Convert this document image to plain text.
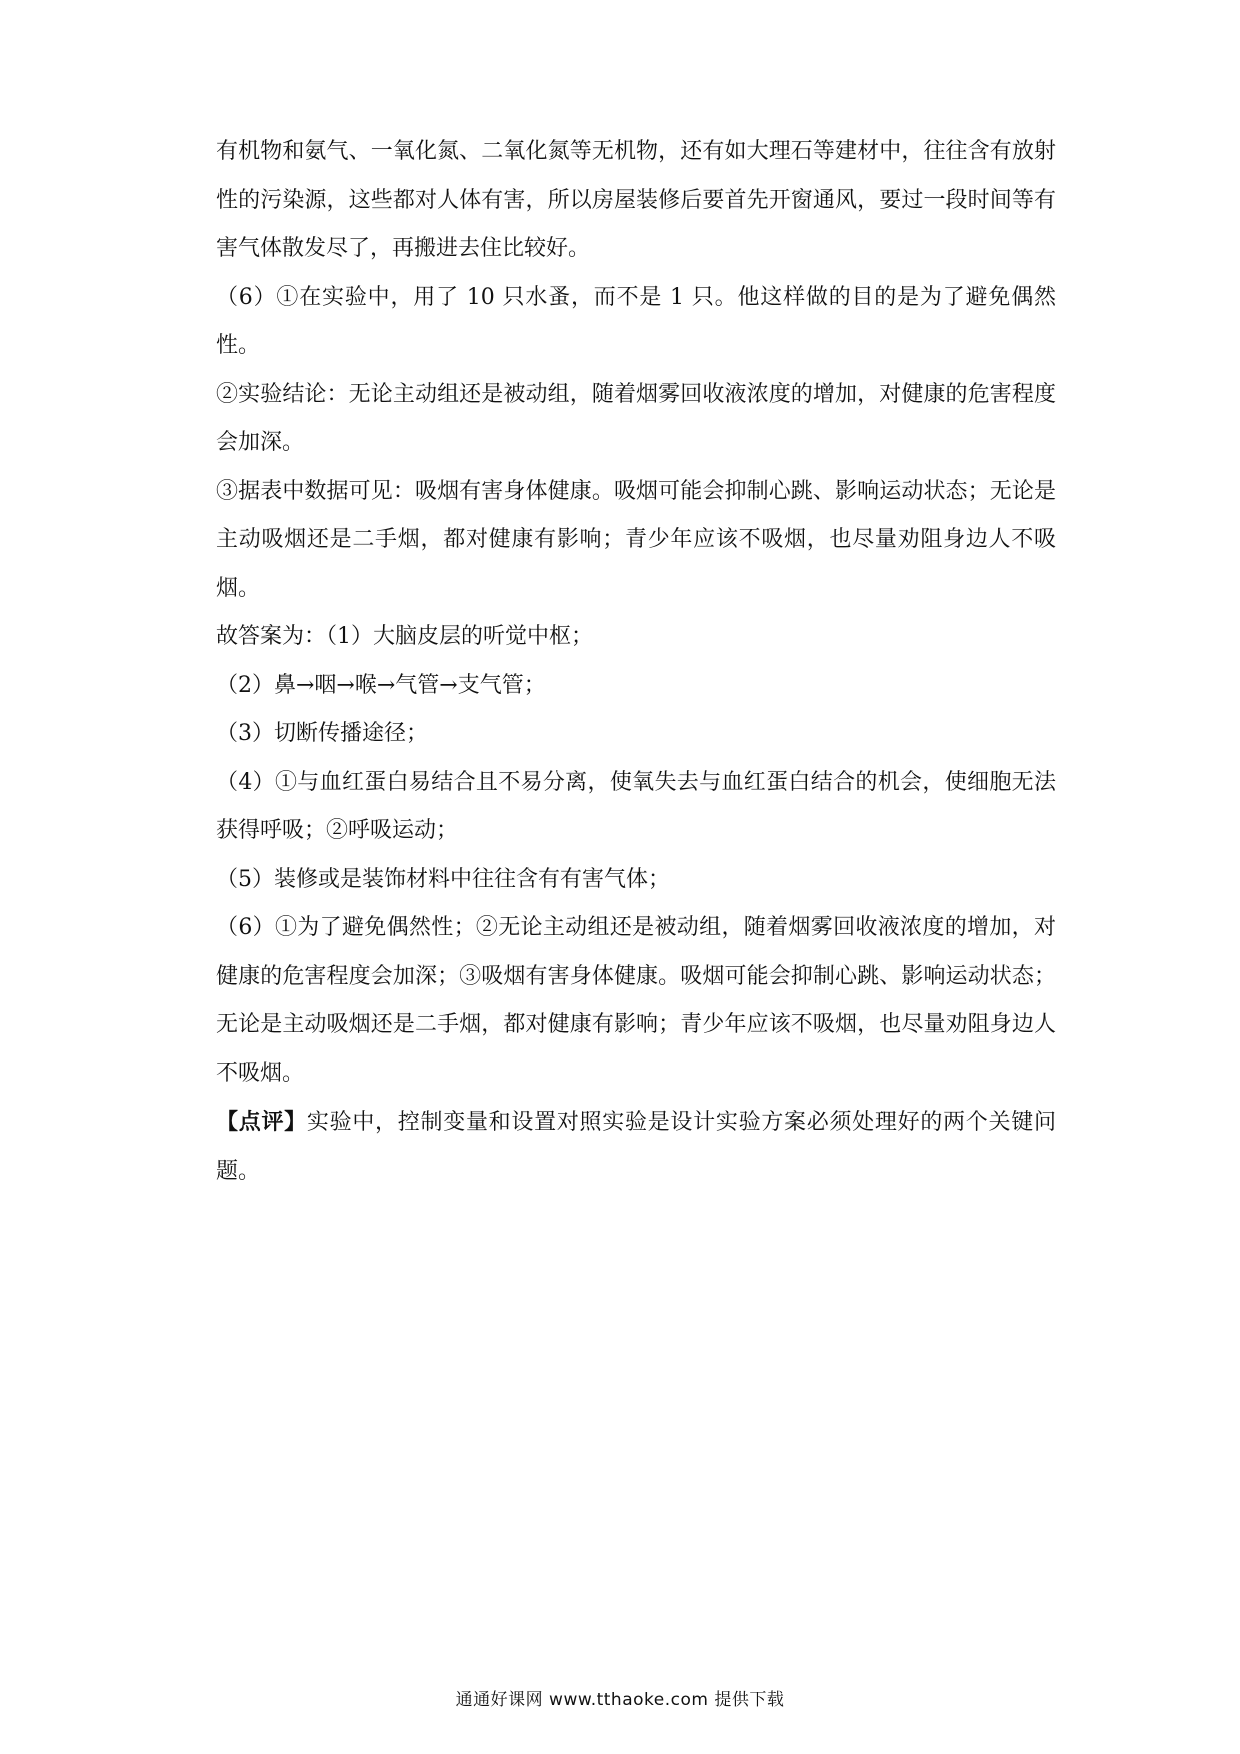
有机物和氨气、一氧化氮、二氧化氮等无机物，还有如大理石等建材中，往往含有放射性的污染源，这些都对人体有害，所以房屋装修后要首先开窗通风，要过一段时间等有害气体散发尽了，再搬进去住比较好。

（6）①在实验中，用了 10 只水蚤，而不是 1 只。他这样做的目的是为了避免偶然性。

②实验结论：无论主动组还是被动组，随着烟雾回收液浓度的增加，对健康的危害程度会加深。

③据表中数据可见：吸烟有害身体健康。吸烟可能会抑制心跳、影响运动状态；无论是主动吸烟还是二手烟，都对健康有影响；青少年应该不吸烟，也尽量劝阻身边人不吸烟。

故答案为：（1）大脑皮层的听觉中枢；

（2）鼻→咽→喉→气管→支气管；

（3）切断传播途径；

（4）①与血红蛋白易结合且不易分离，使氧失去与血红蛋白结合的机会，使细胞无法获得呼吸；②呼吸运动；

（5）装修或是装饰材料中往往含有有害气体；

（6）①为了避免偶然性；②无论主动组还是被动组，随着烟雾回收液浓度的增加，对健康的危害程度会加深；③吸烟有害身体健康。吸烟可能会抑制心跳、影响运动状态；无论是主动吸烟还是二手烟，都对健康有影响；青少年应该不吸烟，也尽量劝阻身边人不吸烟。

【点评】实验中，控制变量和设置对照实验是设计实验方案必须处理好的两个关键问题。

通通好课网 www.tthaoke.com 提供下载
